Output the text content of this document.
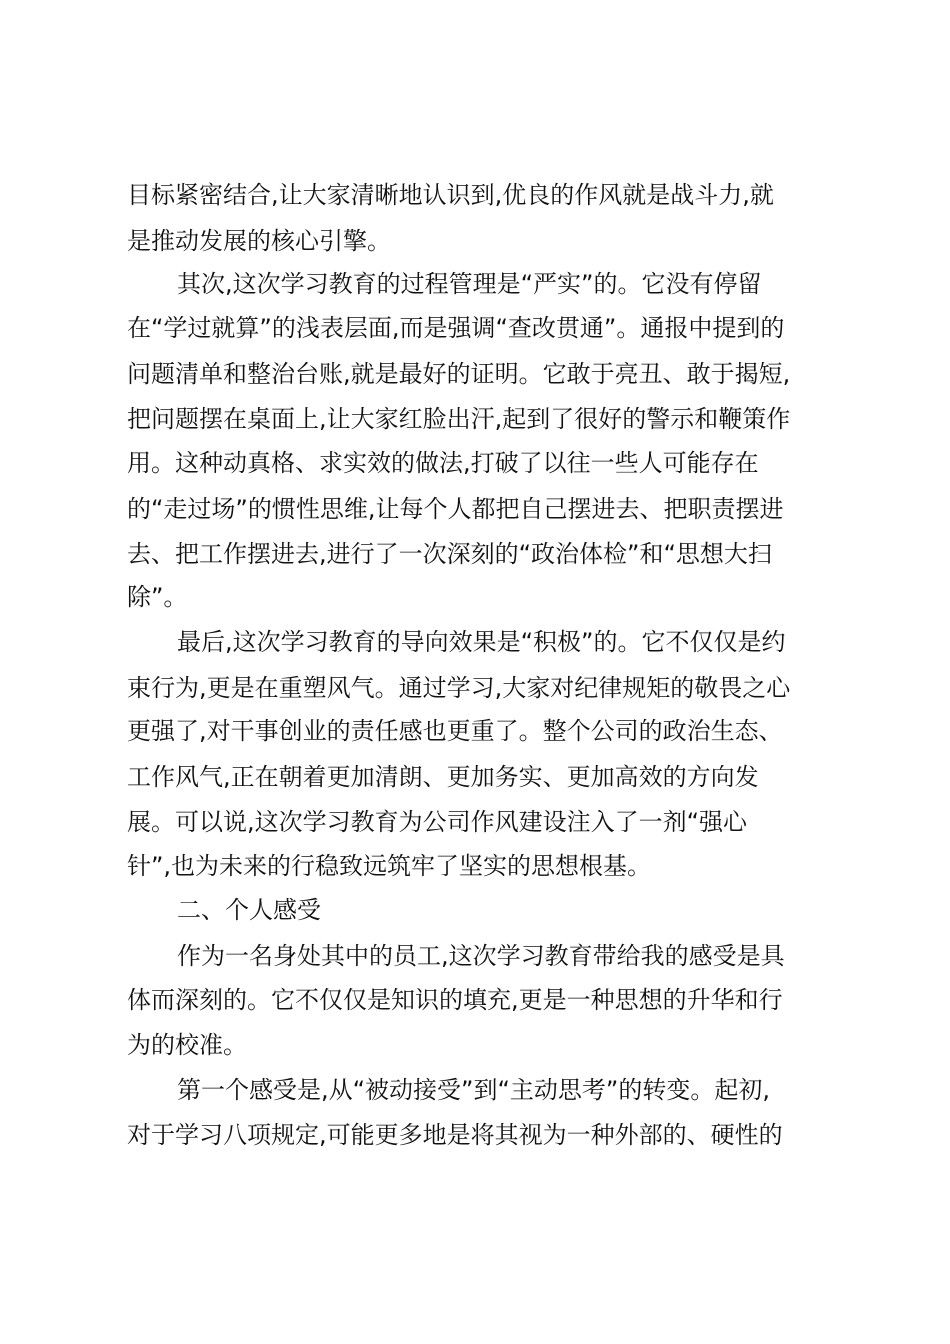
目标紧密结合,让大家清晰地认识到,优良的作风就是战斗力,就
是推动发展的核心引擎。
其次,这次学习教育的过程管理是“严实”的。它没有停留
在“学过就算”的浅表层面,而是强调“查改贯通”。通报中提到的
问题清单和整治台账,就是最好的证明。它敢于亮丑、敢于揭短,
把问题摆在桌面上,让大家红脸出汗,起到了很好的警示和鞭策作
用。这种动真格、求实效的做法,打破了以往一些人可能存在
的“走过场”的惯性思维,让每个人都把自己摆进去、把职责摆进
去、把工作摆进去,进行了一次深刻的“政治体检”和“思想大扫
除”。
最后,这次学习教育的导向效果是“积极”的。它不仅仅是约
束行为,更是在重塑风气。通过学习,大家对纪律规矩的敬畏之心
更强了,对干事创业的责任感也更重了。整个公司的政治生态、
工作风气,正在朝着更加清朗、更加务实、更加高效的方向发
展。可以说,这次学习教育为公司作风建设注入了一剂“强心
针”,也为未来的行稳致远筑牢了坚实的思想根基。
二、个人感受
作为一名身处其中的员工,这次学习教育带给我的感受是具
体而深刻的。它不仅仅是知识的填充,更是一种思想的升华和行
为的校准。
第一个感受是,从“被动接受”到“主动思考”的转变。起初,
对于学习八项规定,可能更多地是将其视为一种外部的、硬性的
